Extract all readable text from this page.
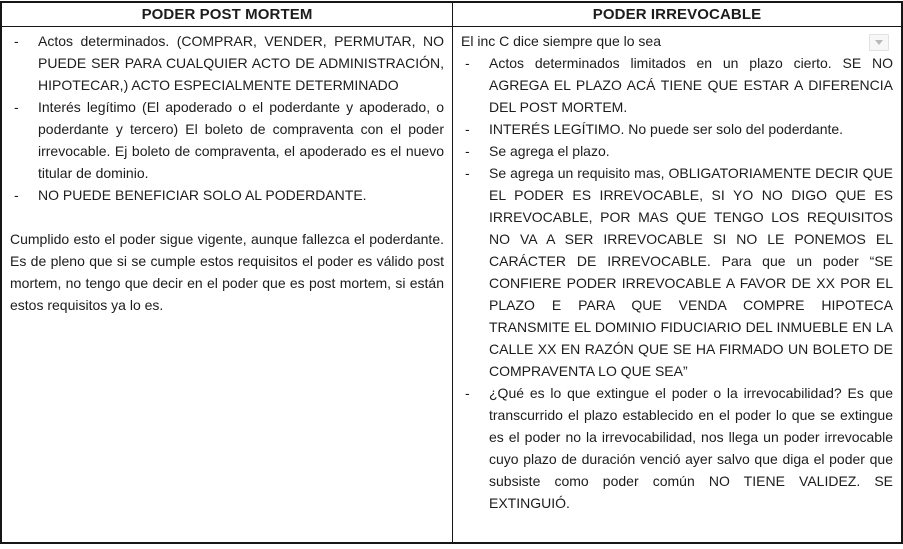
PODER POST MORTEM	PODER IRREVOCABLE
- Actos determinados. (COMPRAR, VENDER, PERMUTAR, NO PUEDE SER PARA CUALQUIER ACTO DE ADMINISTRACIÓN, HIPOTECAR,) ACTO ESPECIALMENTE DETERMINADO
- Interés legítimo (El apoderado o el poderdante y apoderado, o poderdante y tercero) El boleto de compraventa con el poder irrevocable. Ej boleto de compraventa, el apoderado es el nuevo titular de dominio.
- NO PUEDE BENEFICIAR SOLO AL PODERDANTE.
Cumplido esto el poder sigue vigente, aunque fallezca el poderdante. Es de pleno que si se cumple estos requisitos el poder es válido post mortem, no tengo que decir en el poder que es post mortem, si están estos requisitos ya lo es.
El inc C dice siempre que lo sea
- Actos determinados limitados en un plazo cierto. SE NO AGREGA EL PLAZO ACÁ TIENE QUE ESTAR A DIFERENCIA DEL POST MORTEM.
- INTERÉS LEGÍTIMO. No puede ser solo del poderdante.
- Se agrega el plazo.
- Se agrega un requisito mas, OBLIGATORIAMENTE DECIR QUE EL PODER ES IRREVOCABLE, SI YO NO DIGO QUE ES IRREVOCABLE, POR MAS QUE TENGO LOS REQUISITOS NO VA A SER IRREVOCABLE SI NO LE PONEMOS EL CARÁCTER DE IRREVOCABLE. Para que un poder “SE CONFIERE PODER IRREVOCABLE A FAVOR DE XX POR EL PLAZO E PARA QUE VENDA COMPRE HIPOTECA TRANSMITE EL DOMINIO FIDUCIARIO DEL INMUEBLE EN LA CALLE XX EN RAZÓN QUE SE HA FIRMADO UN BOLETO DE COMPRAVENTA LO QUE SEA”
- ¿Qué es lo que extingue el poder o la irrevocabilidad? Es que transcurrido el plazo establecido en el poder lo que se extingue es el poder no la irrevocabilidad, nos llega un poder irrevocable cuyo plazo de duración venció ayer salvo que diga el poder que subsiste como poder común NO TIENE VALIDEZ. SE EXTINGUIÓ.
